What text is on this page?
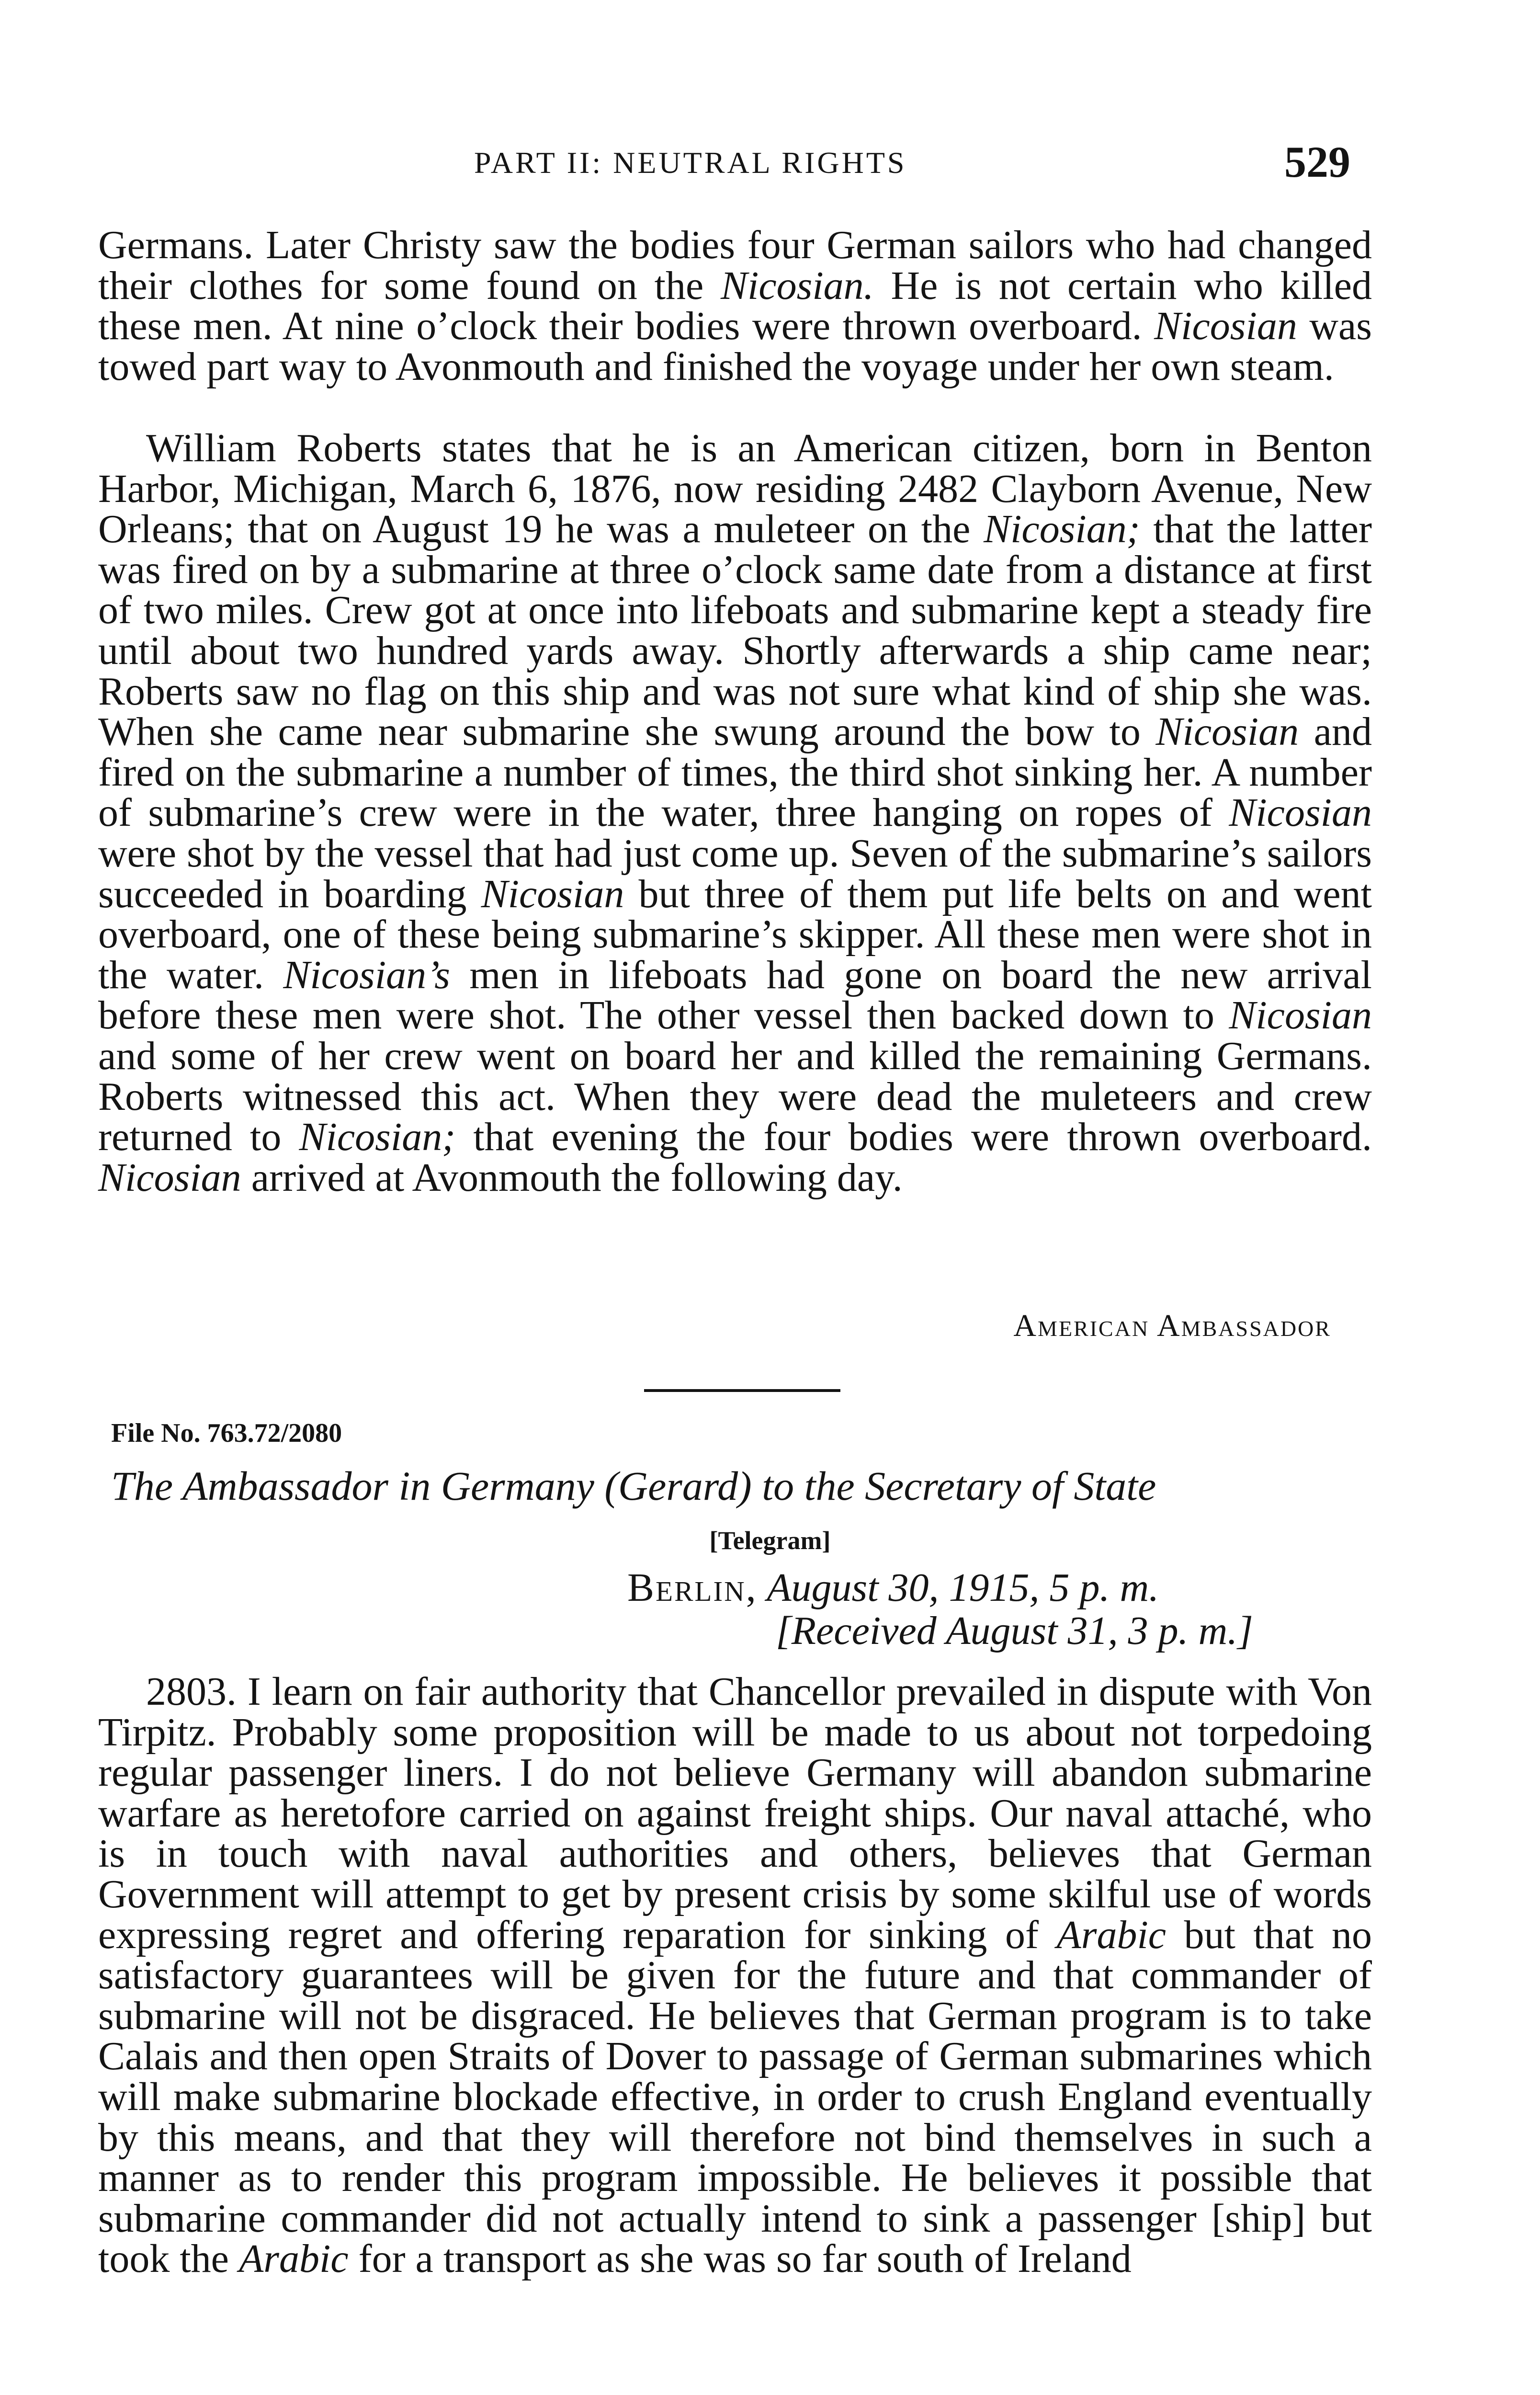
PART II: NEUTRAL RIGHTS	529

Germans. Later Christy saw the bodies four German sailors who had changed their clothes for some found on the Nicosian. He is not certain who killed these men. At nine o’clock their bodies were thrown overboard. Nicosian was towed part way to Avonmouth and finished the voyage under her own steam.

William Roberts states that he is an American citizen, born in Benton Harbor, Michigan, March 6, 1876, now residing 2482 Clayborn Avenue, New Orleans; that on August 19 he was a muleteer on the Nicosian; that the latter was fired on by a submarine at three o’clock same date from a distance at first of two miles. Crew got at once into lifeboats and submarine kept a steady fire until about two hundred yards away. Shortly afterwards a ship came near; Roberts saw no flag on this ship and was not sure what kind of ship she was. When she came near submarine she swung around the bow to Nicosian and fired on the submarine a number of times, the third shot sinking her. A number of submarine’s crew were in the water, three hanging on ropes of Nicosian were shot by the vessel that had just come up. Seven of the submarine’s sailors succeeded in boarding Nicosian but three of them put life belts on and went overboard, one of these being submarine’s skipper. All these men were shot in the water. Nicosian’s men in lifeboats had gone on board the new arrival before these men were shot. The other vessel then backed down to Nicosian and some of her crew went on board her and killed the remaining Germans. Roberts witnessed this act. When they were dead the muleteers and crew returned to Nicosian; that evening the four bodies were thrown overboard. Nicosian arrived at Avonmouth the following day.

American Ambassador
File No. 763.72/2080
The Ambassador in Germany (Gerard) to the Secretary of State
[Telegram]
Berlin, August 30, 1915, 5 p. m.
[Received August 31, 3 p. m.]

2803. I learn on fair authority that Chancellor prevailed in dispute with Von Tirpitz. Probably some proposition will be made to us about not torpedoing regular passenger liners. I do not believe Germany will abandon submarine warfare as heretofore carried on against freight ships. Our naval attaché, who is in touch with naval authorities and others, believes that German Government will attempt to get by present crisis by some skilful use of words expressing regret and offering reparation for sinking of Arabic but that no satisfactory guarantees will be given for the future and that commander of submarine will not be disgraced. He believes that German program is to take Calais and then open Straits of Dover to passage of German submarines which will make submarine blockade effective, in order to crush England eventually by this means, and that they will therefore not bind themselves in such a manner as to render this program impossible. He believes it possible that submarine commander did not actually intend to sink a passenger [ship] but took the Arabic for a transport as she was so far south of Ireland
